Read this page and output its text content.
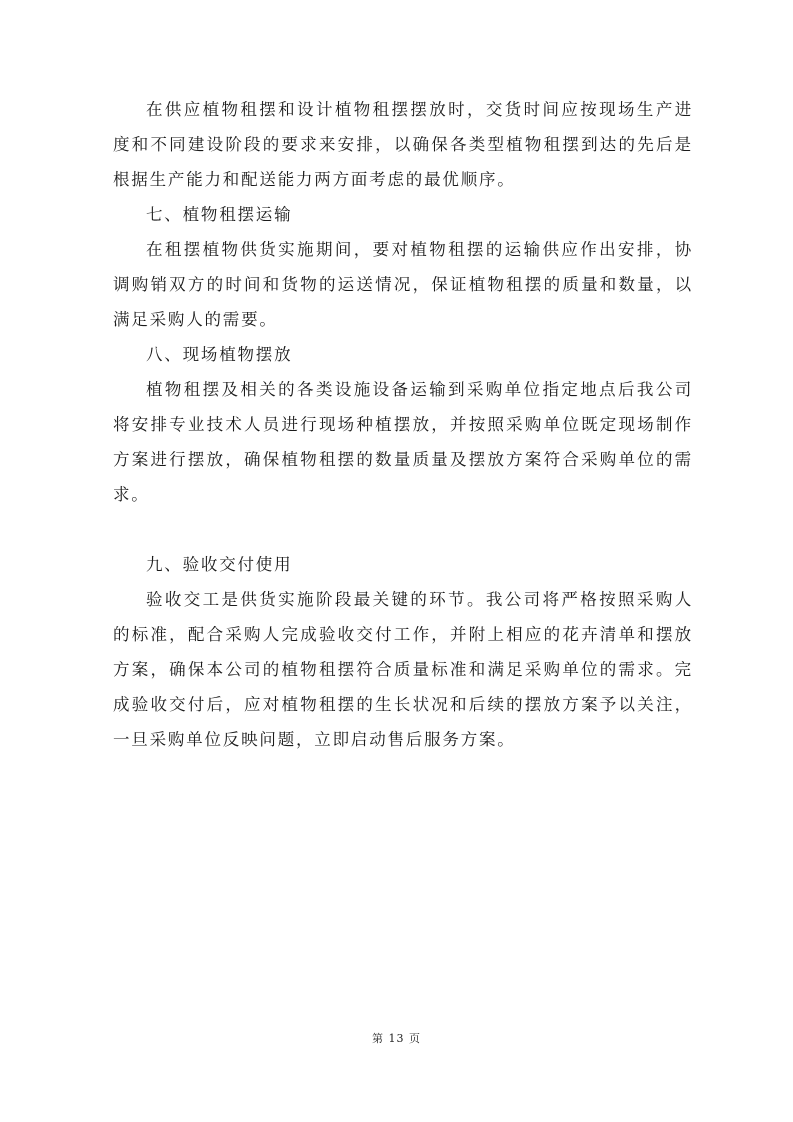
在供应植物租摆和设计植物租摆摆放时，交货时间应按现场生产进度和不同建设阶段的要求来安排，以确保各类型植物租摆到达的先后是根据生产能力和配送能力两方面考虑的最优顺序。

七、植物租摆运输

在租摆植物供货实施期间，要对植物租摆的运输供应作出安排，协调购销双方的时间和货物的运送情况，保证植物租摆的质量和数量，以满足采购人的需要。

八、现场植物摆放

植物租摆及相关的各类设施设备运输到采购单位指定地点后我公司将安排专业技术人员进行现场种植摆放，并按照采购单位既定现场制作方案进行摆放，确保植物租摆的数量质量及摆放方案符合采购单位的需求。

九、验收交付使用

验收交工是供货实施阶段最关键的环节。我公司将严格按照采购人的标准，配合采购人完成验收交付工作，并附上相应的花卉清单和摆放方案，确保本公司的植物租摆符合质量标准和满足采购单位的需求。完成验收交付后，应对植物租摆的生长状况和后续的摆放方案予以关注，一旦采购单位反映问题，立即启动售后服务方案。

第 13 页
